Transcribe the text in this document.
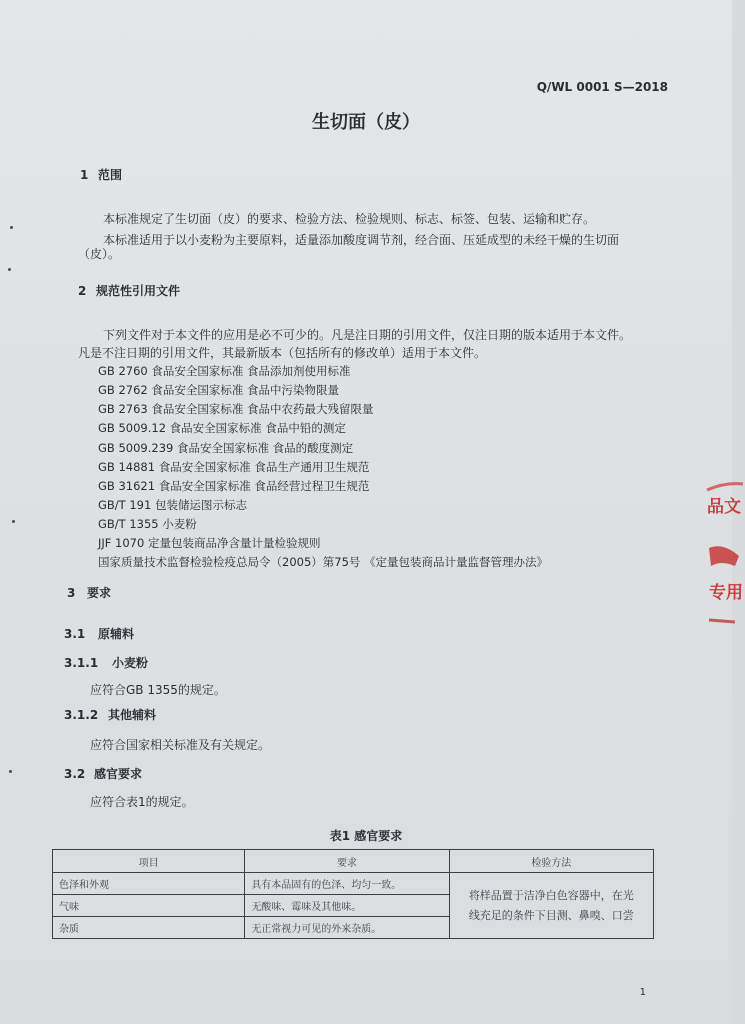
Q/WL 0001 S—2018
生切面（皮）
1 范围
本标准规定了生切面（皮）的要求、检验方法、检验规则、标志、标签、包装、运输和贮存。
本标准适用于以小麦粉为主要原料，适量添加酸度调节剂，经合面、压延成型的未经干燥的生切面
（皮）。
2 规范性引用文件
下列文件对于本文件的应用是必不可少的。凡是注日期的引用文件，仅注日期的版本适用于本文件。
凡是不注日期的引用文件，其最新版本（包括所有的修改单）适用于本文件。
GB 2760 食品安全国家标准 食品添加剂使用标准
GB 2762 食品安全国家标准 食品中污染物限量
GB 2763 食品安全国家标准 食品中农药最大残留限量
GB 5009.12 食品安全国家标准 食品中铅的测定
GB 5009.239 食品安全国家标准 食品的酸度测定
GB 14881 食品安全国家标准 食品生产通用卫生规范
GB 31621 食品安全国家标准 食品经营过程卫生规范
GB/T 191 包装储运图示标志
GB/T 1355 小麦粉
JJF 1070 定量包装商品净含量计量检验规则
国家质量技术监督检验检疫总局令（2005）第75号 《定量包装商品计量监督管理办法》
3 要求
3.1 原辅料
3.1.1 小麦粉
应符合GB 1355的规定。
3.1.2 其他辅料
应符合国家相关标准及有关规定。
3.2 感官要求
应符合表1的规定。
表1 感官要求
项目	要求	检验方法
色泽和外观	具有本品固有的色泽、均匀一致。	将样品置于洁净白色容器中，在光
线充足的条件下目测、鼻嗅、口尝

气味	无酸味、霉味及其他味。	
杂质	无正常视力可见的外来杂质。	
品文
专用
1
